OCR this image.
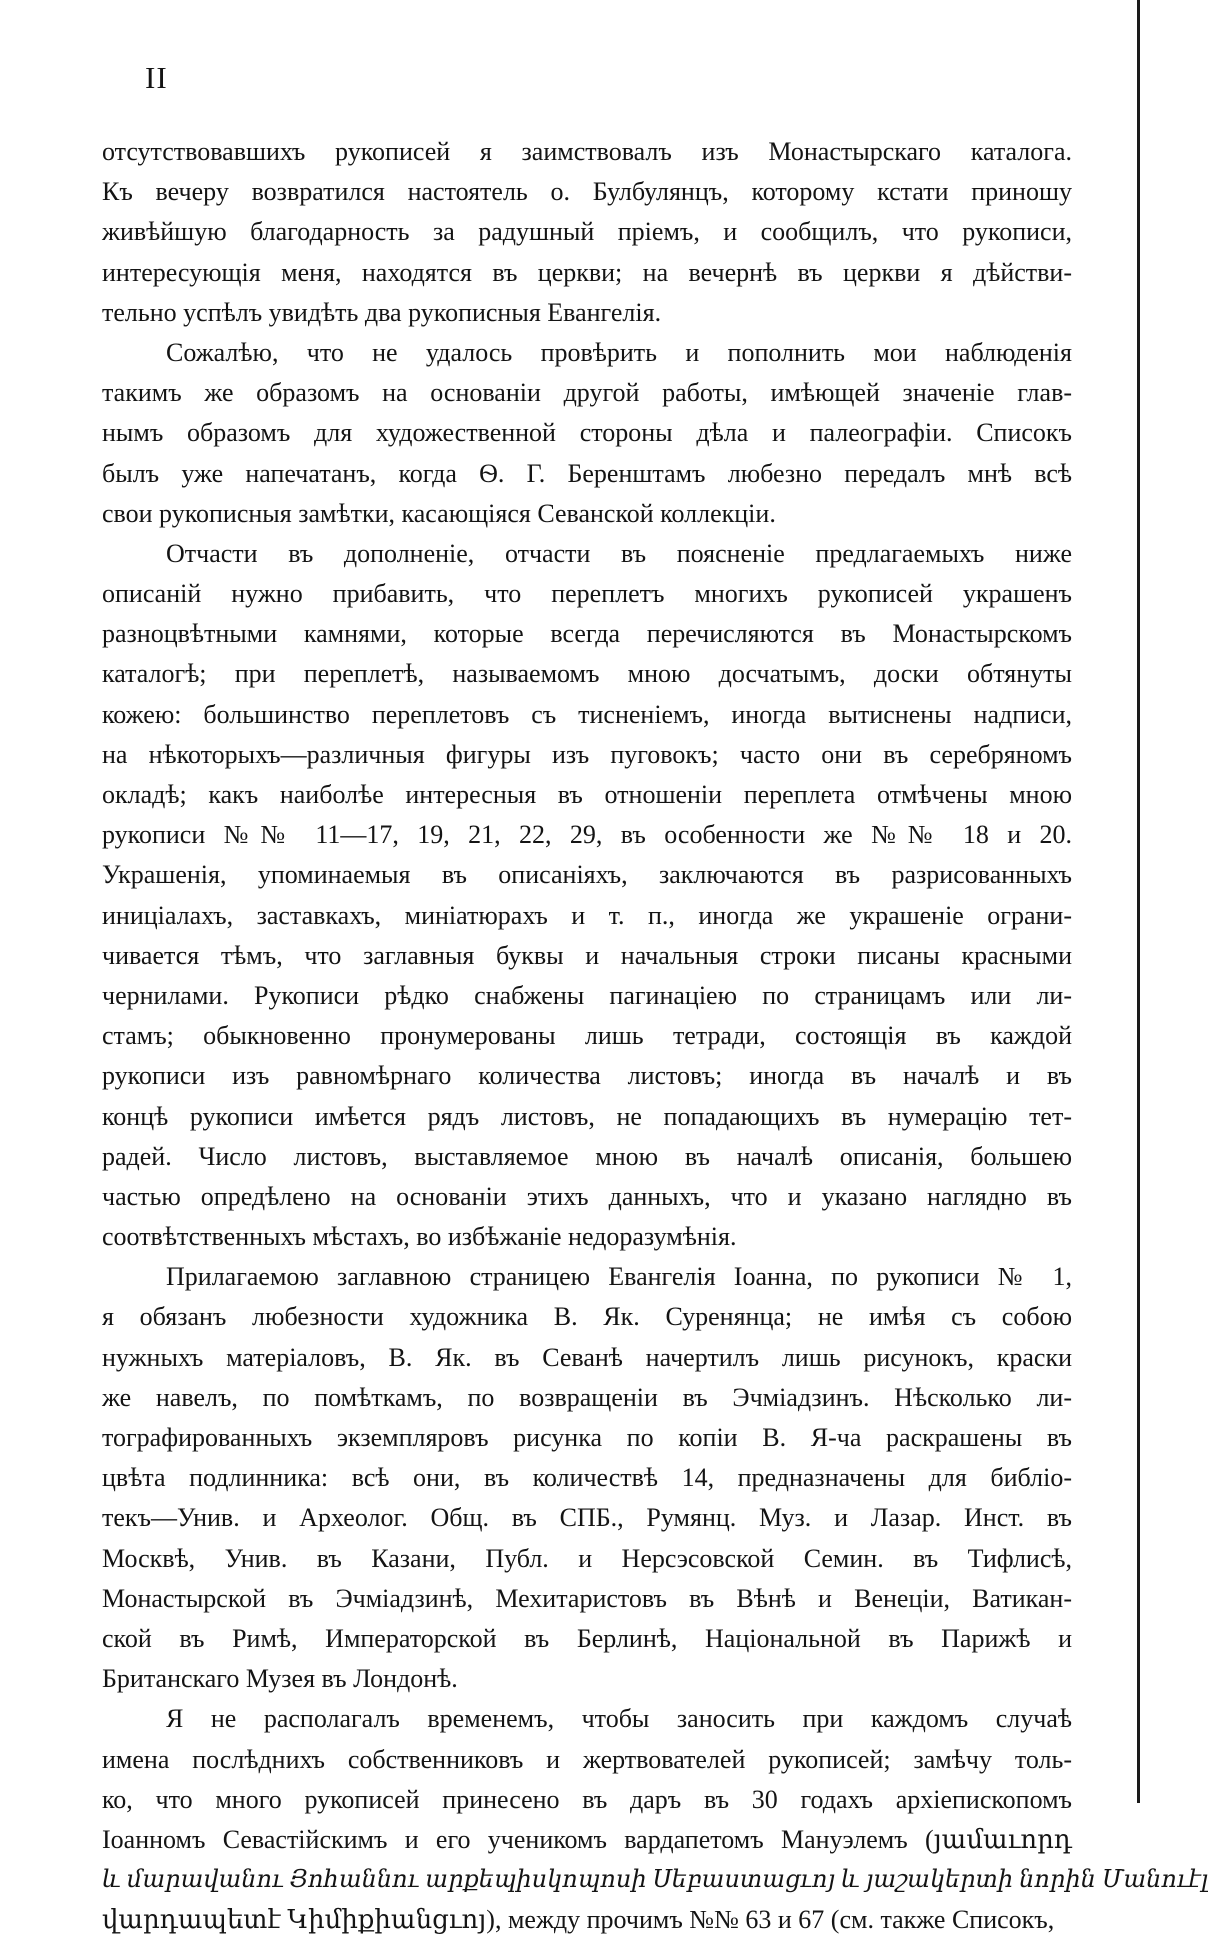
II
отсутствовавшихъ рукописей я заимствовалъ изъ Монастырскаго каталога.
Къ вечеру возвратился настоятель о. Булбулянцъ, которому кстати приношу
живѣйшую благодарность за радушный пріемъ, и сообщилъ, что рукописи,
интересующія меня, находятся въ церкви; на вечернѣ въ церкви я дѣйстви-
тельно успѣлъ увидѣть два рукописныя Евангелія.
Сожалѣю, что не удалось провѣрить и пополнить мои наблюденія
такимъ же образомъ на основаніи другой работы, имѣющей значеніе глав-
нымъ образомъ для художественной стороны дѣла и палеографіи. Списокъ
былъ уже напечатанъ, когда Ѳ. Г. Беренштамъ любезно передалъ мнѣ всѣ
свои рукописныя замѣтки, касающіяся Севанской коллекціи.
Отчасти въ дополненіе, отчасти въ поясненіе предлагаемыхъ ниже
описаній нужно прибавить, что переплетъ многихъ рукописей украшенъ
разноцвѣтными камнями, которые всегда перечисляются въ Монастырскомъ
каталогѣ; при переплетѣ, называемомъ мною досчатымъ, доски обтянуты
кожею: большинство переплетовъ съ тисненіемъ, иногда вытиснены надписи,
на нѣкоторыхъ—различныя фигуры изъ пуговокъ; часто они въ серебряномъ
окладѣ; какъ наиболѣе интересныя въ отношеніи переплета отмѣчены мною
рукописи №№ 11—17, 19, 21, 22, 29, въ особенности же №№ 18 и 20.
Украшенія, упоминаемыя въ описаніяхъ, заключаются въ разрисованныхъ
иниціалахъ, заставкахъ, миніатюрахъ и т. п., иногда же украшеніе ограни-
чивается тѣмъ, что заглавныя буквы и начальныя строки писаны красными
чернилами. Рукописи рѣдко снабжены пагинаціею по страницамъ или ли-
стамъ; обыкновенно пронумерованы лишь тетради, состоящія въ каждой
рукописи изъ равномѣрнаго количества листовъ; иногда въ началѣ и въ
концѣ рукописи имѣется рядъ листовъ, не попадающихъ въ нумерацію тет-
радей. Число листовъ, выставляемое мною въ началѣ описанія, большею
частью опредѣлено на основаніи этихъ данныхъ, что и указано наглядно въ
соотвѣтственныхъ мѣстахъ, во избѣжаніе недоразумѣнія.
Прилагаемою заглавною страницею Евангелія Іоанна, по рукописи № 1,
я обязанъ любезности художника В. Як. Суренянца; не имѣя съ собою
нужныхъ матеріаловъ, В. Як. въ Севанѣ начертилъ лишь рисунокъ, краски
же навелъ, по помѣткамъ, по возвращеніи въ Эчміадзинъ. Нѣсколько ли-
тографированныхъ экземпляровъ рисунка по копіи В. Я-ча раскрашены въ
цвѣта подлинника: всѣ они, въ количествѣ 14, предназначены для библіо-
текъ—Унив. и Археолог. Общ. въ СПБ., Румянц. Муз. и Лазар. Инст. въ
Москвѣ, Унив. въ Казани, Публ. и Нерсэсовской Семин. въ Тифлисѣ,
Монастырской въ Эчміадзинѣ, Мехитаристовъ въ Вѣнѣ и Венеціи, Ватикан-
ской въ Римѣ, Императорской въ Берлинѣ, Національной въ Парижѣ и
Британскаго Музея въ Лондонѣ.
Я не располагалъ временемъ, чтобы заносить при каждомъ случаѣ
имена послѣднихъ собственниковъ и жертвователей рукописей; замѣчу толь-
ко, что много рукописей принесено въ даръ въ 30 годахъ архіепископомъ
Іоанномъ Севастійскимъ и его ученикомъ вардапетомъ Мануэлемъ (յամաւորդ
և մարավանու Յոհաննու արքեպիսկոպոսի Սեբաստացւոյ և յաշակերտի նորին Մանուէլ
վարդապետէ Կիմիքիանցւոյ), между прочимъ №№ 63 и 67 (см. также Списокъ,
